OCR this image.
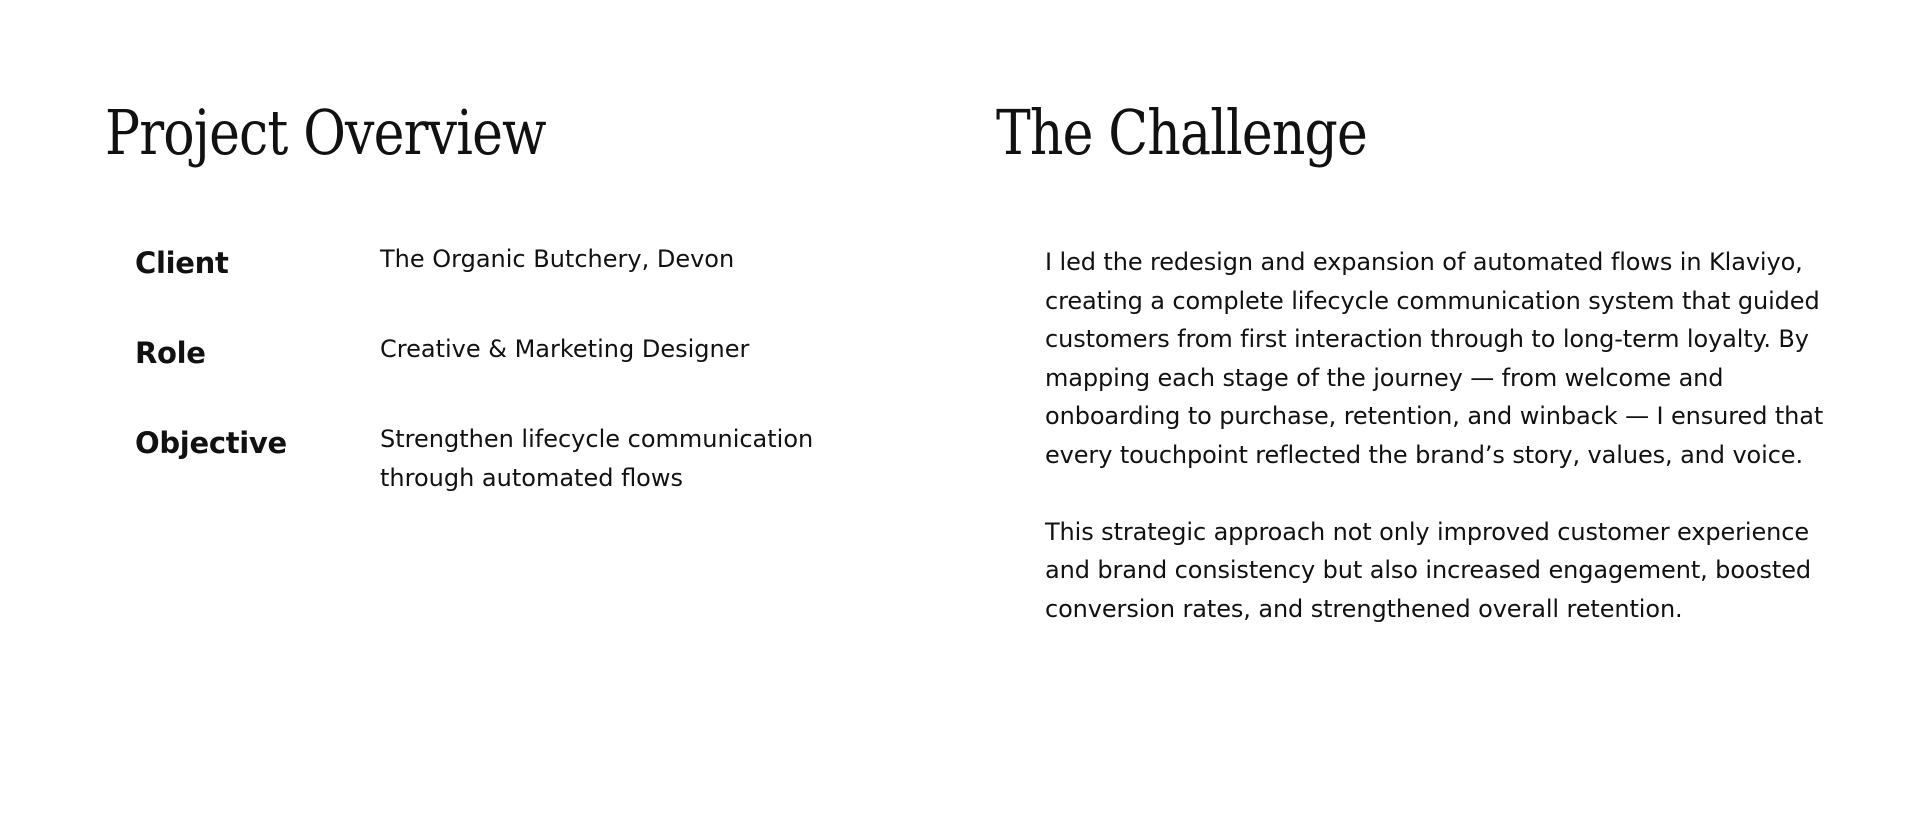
Project Overview
Client	The Organic Butchery, Devon
Role	Creative & Marketing Designer
Objective	Strengthen lifecycle communication through automated flows
The Challenge

I led the redesign and expansion of automated flows in Klaviyo, creating a complete lifecycle communication system that guided customers from first interaction through to long-term loyalty. By mapping each stage of the journey — from welcome and onboarding to purchase, retention, and winback — I ensured that every touchpoint reflected the brand’s story, values, and voice.

This strategic approach not only improved customer experience and brand consistency but also increased engagement, boosted conversion rates, and strengthened overall retention.
